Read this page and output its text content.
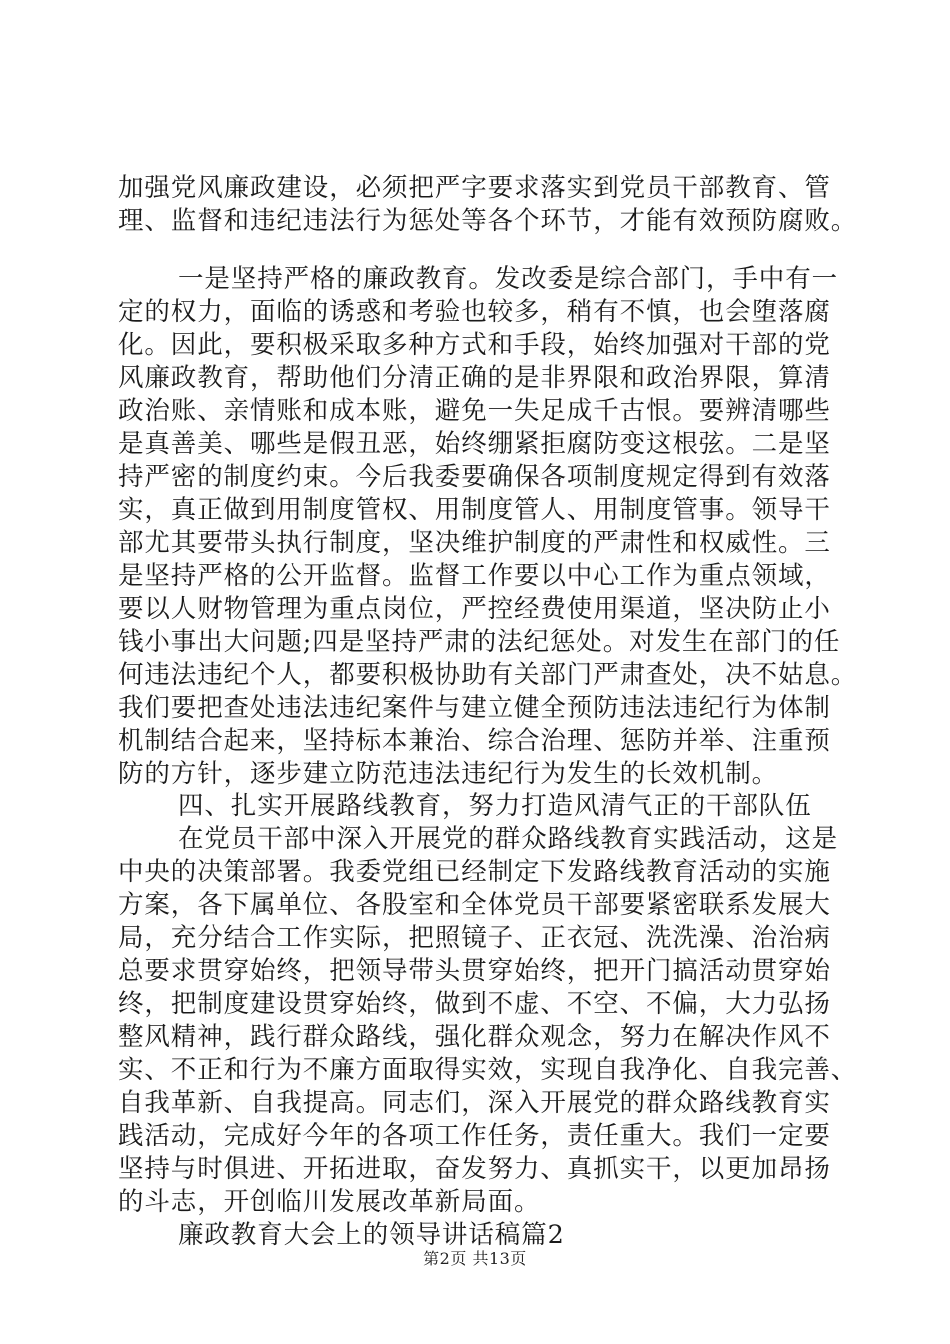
加强党风廉政建设，必须把严字要求落实到党员干部教育、管
理、监督和违纪违法行为惩处等各个环节，才能有效预防腐败。
一是坚持严格的廉政教育。发改委是综合部门，手中有一
定的权力，面临的诱惑和考验也较多，稍有不慎，也会堕落腐
化。因此，要积极采取多种方式和手段，始终加强对干部的党
风廉政教育，帮助他们分清正确的是非界限和政治界限，算清
政治账、亲情账和成本账，避免一失足成千古恨。要辨清哪些
是真善美、哪些是假丑恶，始终绷紧拒腐防变这根弦。二是坚
持严密的制度约束。今后我委要确保各项制度规定得到有效落
实，真正做到用制度管权、用制度管人、用制度管事。领导干
部尤其要带头执行制度，坚决维护制度的严肃性和权威性。三
是坚持严格的公开监督。监督工作要以中心工作为重点领域，
要以人财物管理为重点岗位，严控经费使用渠道，坚决防止小
钱小事出大问题;四是坚持严肃的法纪惩处。对发生在部门的任
何违法违纪个人，都要积极协助有关部门严肃查处，决不姑息。
我们要把查处违法违纪案件与建立健全预防违法违纪行为体制
机制结合起来，坚持标本兼治、综合治理、惩防并举、注重预
防的方针，逐步建立防范违法违纪行为发生的长效机制。
四、扎实开展路线教育，努力打造风清气正的干部队伍
在党员干部中深入开展党的群众路线教育实践活动，这是
中央的决策部署。我委党组已经制定下发路线教育活动的实施
方案，各下属单位、各股室和全体党员干部要紧密联系发展大
局，充分结合工作实际，把照镜子、正衣冠、洗洗澡、治治病
总要求贯穿始终，把领导带头贯穿始终，把开门搞活动贯穿始
终，把制度建设贯穿始终，做到不虚、不空、不偏，大力弘扬
整风精神，践行群众路线，强化群众观念，努力在解决作风不
实、不正和行为不廉方面取得实效，实现自我净化、自我完善、
自我革新、自我提高。同志们，深入开展党的群众路线教育实
践活动，完成好今年的各项工作任务，责任重大。我们一定要
坚持与时俱进、开拓进取，奋发努力、真抓实干，以更加昂扬
的斗志，开创临川发展改革新局面。
廉政教育大会上的领导讲话稿篇2
第2页 共13页
